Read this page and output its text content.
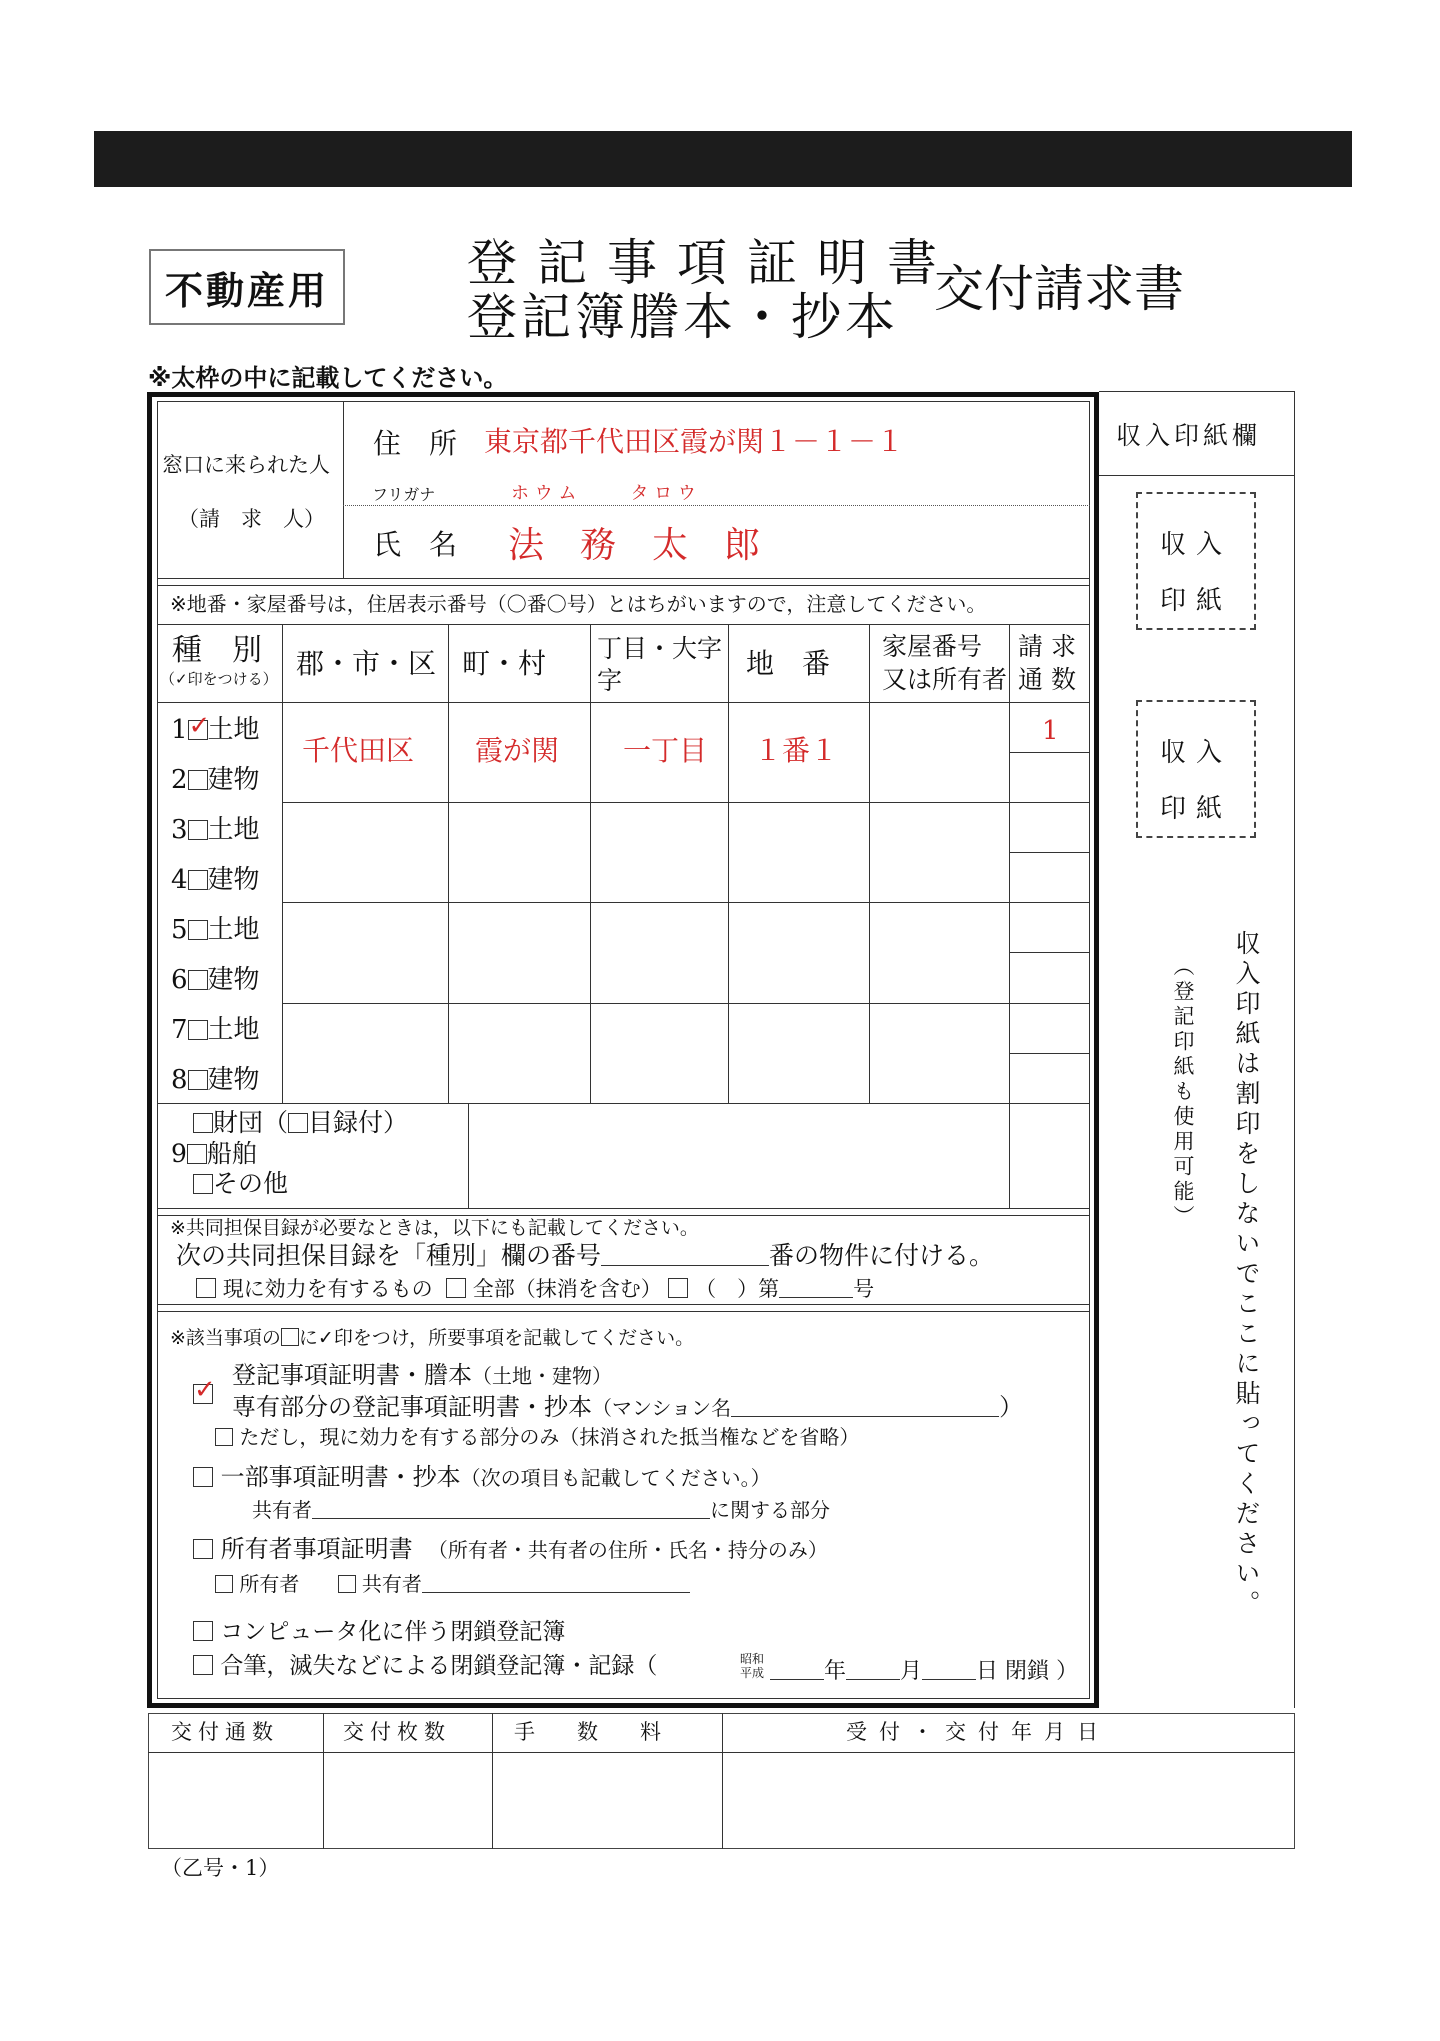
不動産用	登記事項証明書
登記簿謄本・抄本 交付請求書
※太枠の中に記載してください。
窓口に来られた人
（請　求　人）
住　所 東京都千代田区霞が関１－１－１
フリガナ	ホ ウ ム　　　タ ロ ウ
氏　名 法　務　太　郎
※地番・家屋番号は，住居表示番号（〇番〇号）とはちがいますので，注意してください。
種　別
（✓印をつける） 郡・市・区 町・村 丁目・大字
字
地　番
家屋番号
又は所有者
請 求
通 数
1✓ 土地
2 建物
3 土地
4 建物
5 土地
6 建物
7 土地
8 建物
千代田区 霞が関 一丁目 １番１
1
財団（ 目録付）
9 船舶
その他
※共同担保目録が必要なときは，以下にも記載してください。
次の共同担保目録を「種別」欄の番号	番の物件に付ける。
現に効力を有するもの 全部（抹消を含む） （　）第	号
※該当事項の に✓印をつけ，所要事項を記載してください。
✓
登記事項証明書・謄本（土地・建物）
専有部分の登記事項証明書・抄本（マンション名	）
ただし，現に効力を有する部分のみ（抹消された抵当権などを省略）
一部事項証明書・抄本（次の項目も記載してください。）
共有者	に関する部分
所有者事項証明書 （所有者・共有者の住所・氏名・持分のみ）
所有者	共有者
コンピュータ化に伴う閉鎖登記簿
合筆，滅失などによる閉鎖登記簿・記録（	昭和
平成	年 月 日 閉鎖 ）
収入印紙欄
収入
印紙
収入
印紙
収入印紙は割印をしないでここに貼ってください。
（登記印紙も使用可能）
交付通数	交付枚数	手　　数　　料	受付・交付年月日
（乙号・1）
